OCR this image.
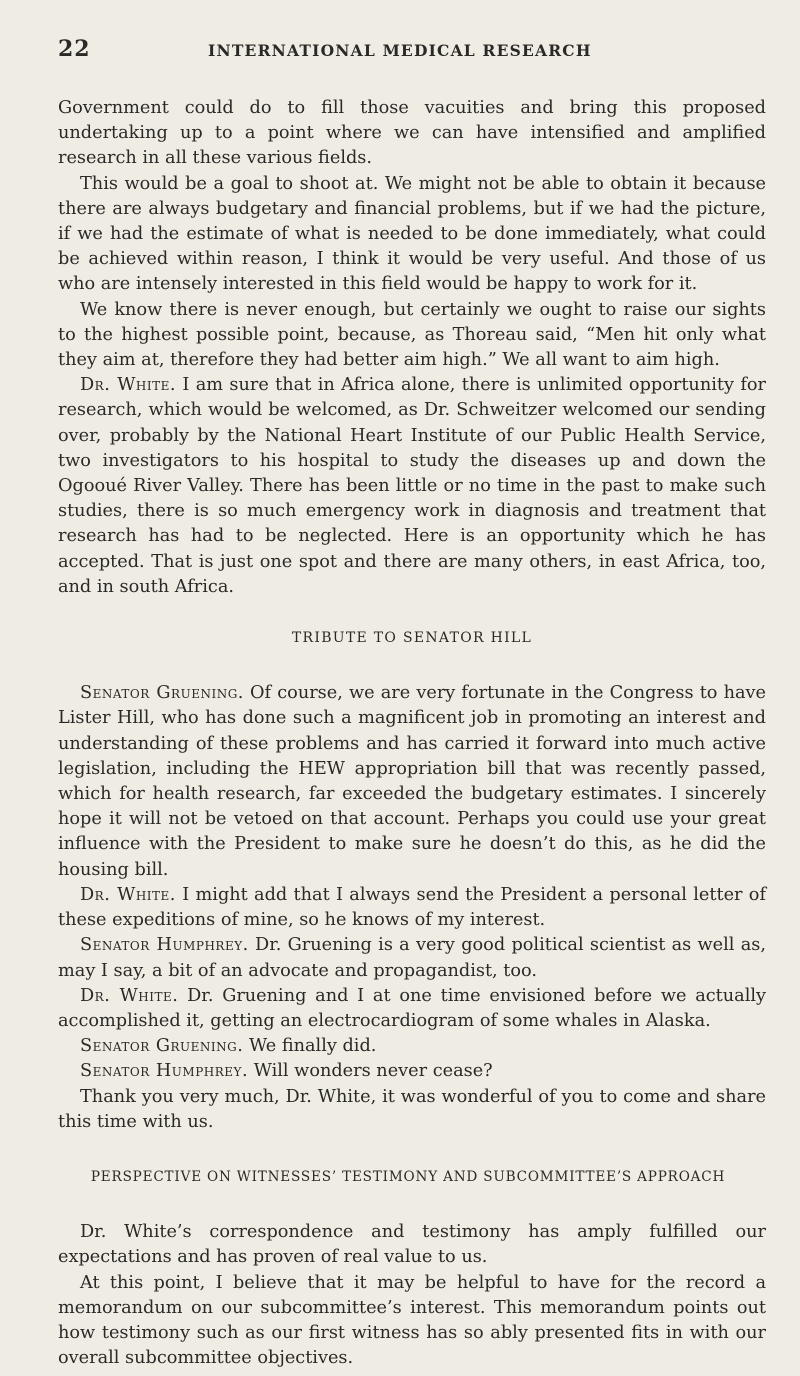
22	INTERNATIONAL MEDICAL RESEARCH

Government could do to fill those vacuities and bring this proposed undertaking up to a point where we can have intensified and amplified research in all these various fields.

This would be a goal to shoot at. We might not be able to obtain it because there are always budgetary and financial problems, but if we had the picture, if we had the estimate of what is needed to be done immediately, what could be achieved within reason, I think it would be very useful. And those of us who are intensely interested in this field would be happy to work for it.

We know there is never enough, but certainly we ought to raise our sights to the highest possible point, because, as Thoreau said, “Men hit only what they aim at, therefore they had better aim high.” We all want to aim high.

Dr. White. I am sure that in Africa alone, there is unlimited opportunity for research, which would be welcomed, as Dr. Schweitzer welcomed our sending over, probably by the National Heart Institute of our Public Health Service, two investigators to his hospital to study the diseases up and down the Ogooué River Valley. There has been little or no time in the past to make such studies, there is so much emergency work in diagnosis and treatment that research has had to be neglected. Here is an opportunity which he has accepted. That is just one spot and there are many others, in east Africa, too, and in south Africa.

TRIBUTE TO SENATOR HILL

Senator Gruening. Of course, we are very fortunate in the Congress to have Lister Hill, who has done such a magnificent job in promoting an interest and understanding of these problems and has carried it forward into much active legislation, including the HEW appropriation bill that was recently passed, which for health research, far exceeded the budgetary estimates. I sincerely hope it will not be vetoed on that account. Perhaps you could use your great influence with the President to make sure he doesn’t do this, as he did the housing bill.

Dr. White. I might add that I always send the President a personal letter of these expeditions of mine, so he knows of my interest.

Senator Humphrey. Dr. Gruening is a very good political scientist as well as, may I say, a bit of an advocate and propagandist, too.

Dr. White. Dr. Gruening and I at one time envisioned before we actually accomplished it, getting an electrocardiogram of some whales in Alaska.

Senator Gruening. We finally did.

Senator Humphrey. Will wonders never cease?

Thank you very much, Dr. White, it was wonderful of you to come and share this time with us.

PERSPECTIVE ON WITNESSES’ TESTIMONY AND SUBCOMMITTEE’S APPROACH

Dr. White’s correspondence and testimony has amply fulfilled our expectations and has proven of real value to us.

At this point, I believe that it may be helpful to have for the record a memorandum on our subcommittee’s interest. This memorandum points out how testimony such as our first witness has so ably presented fits in with our overall subcommittee objectives.
